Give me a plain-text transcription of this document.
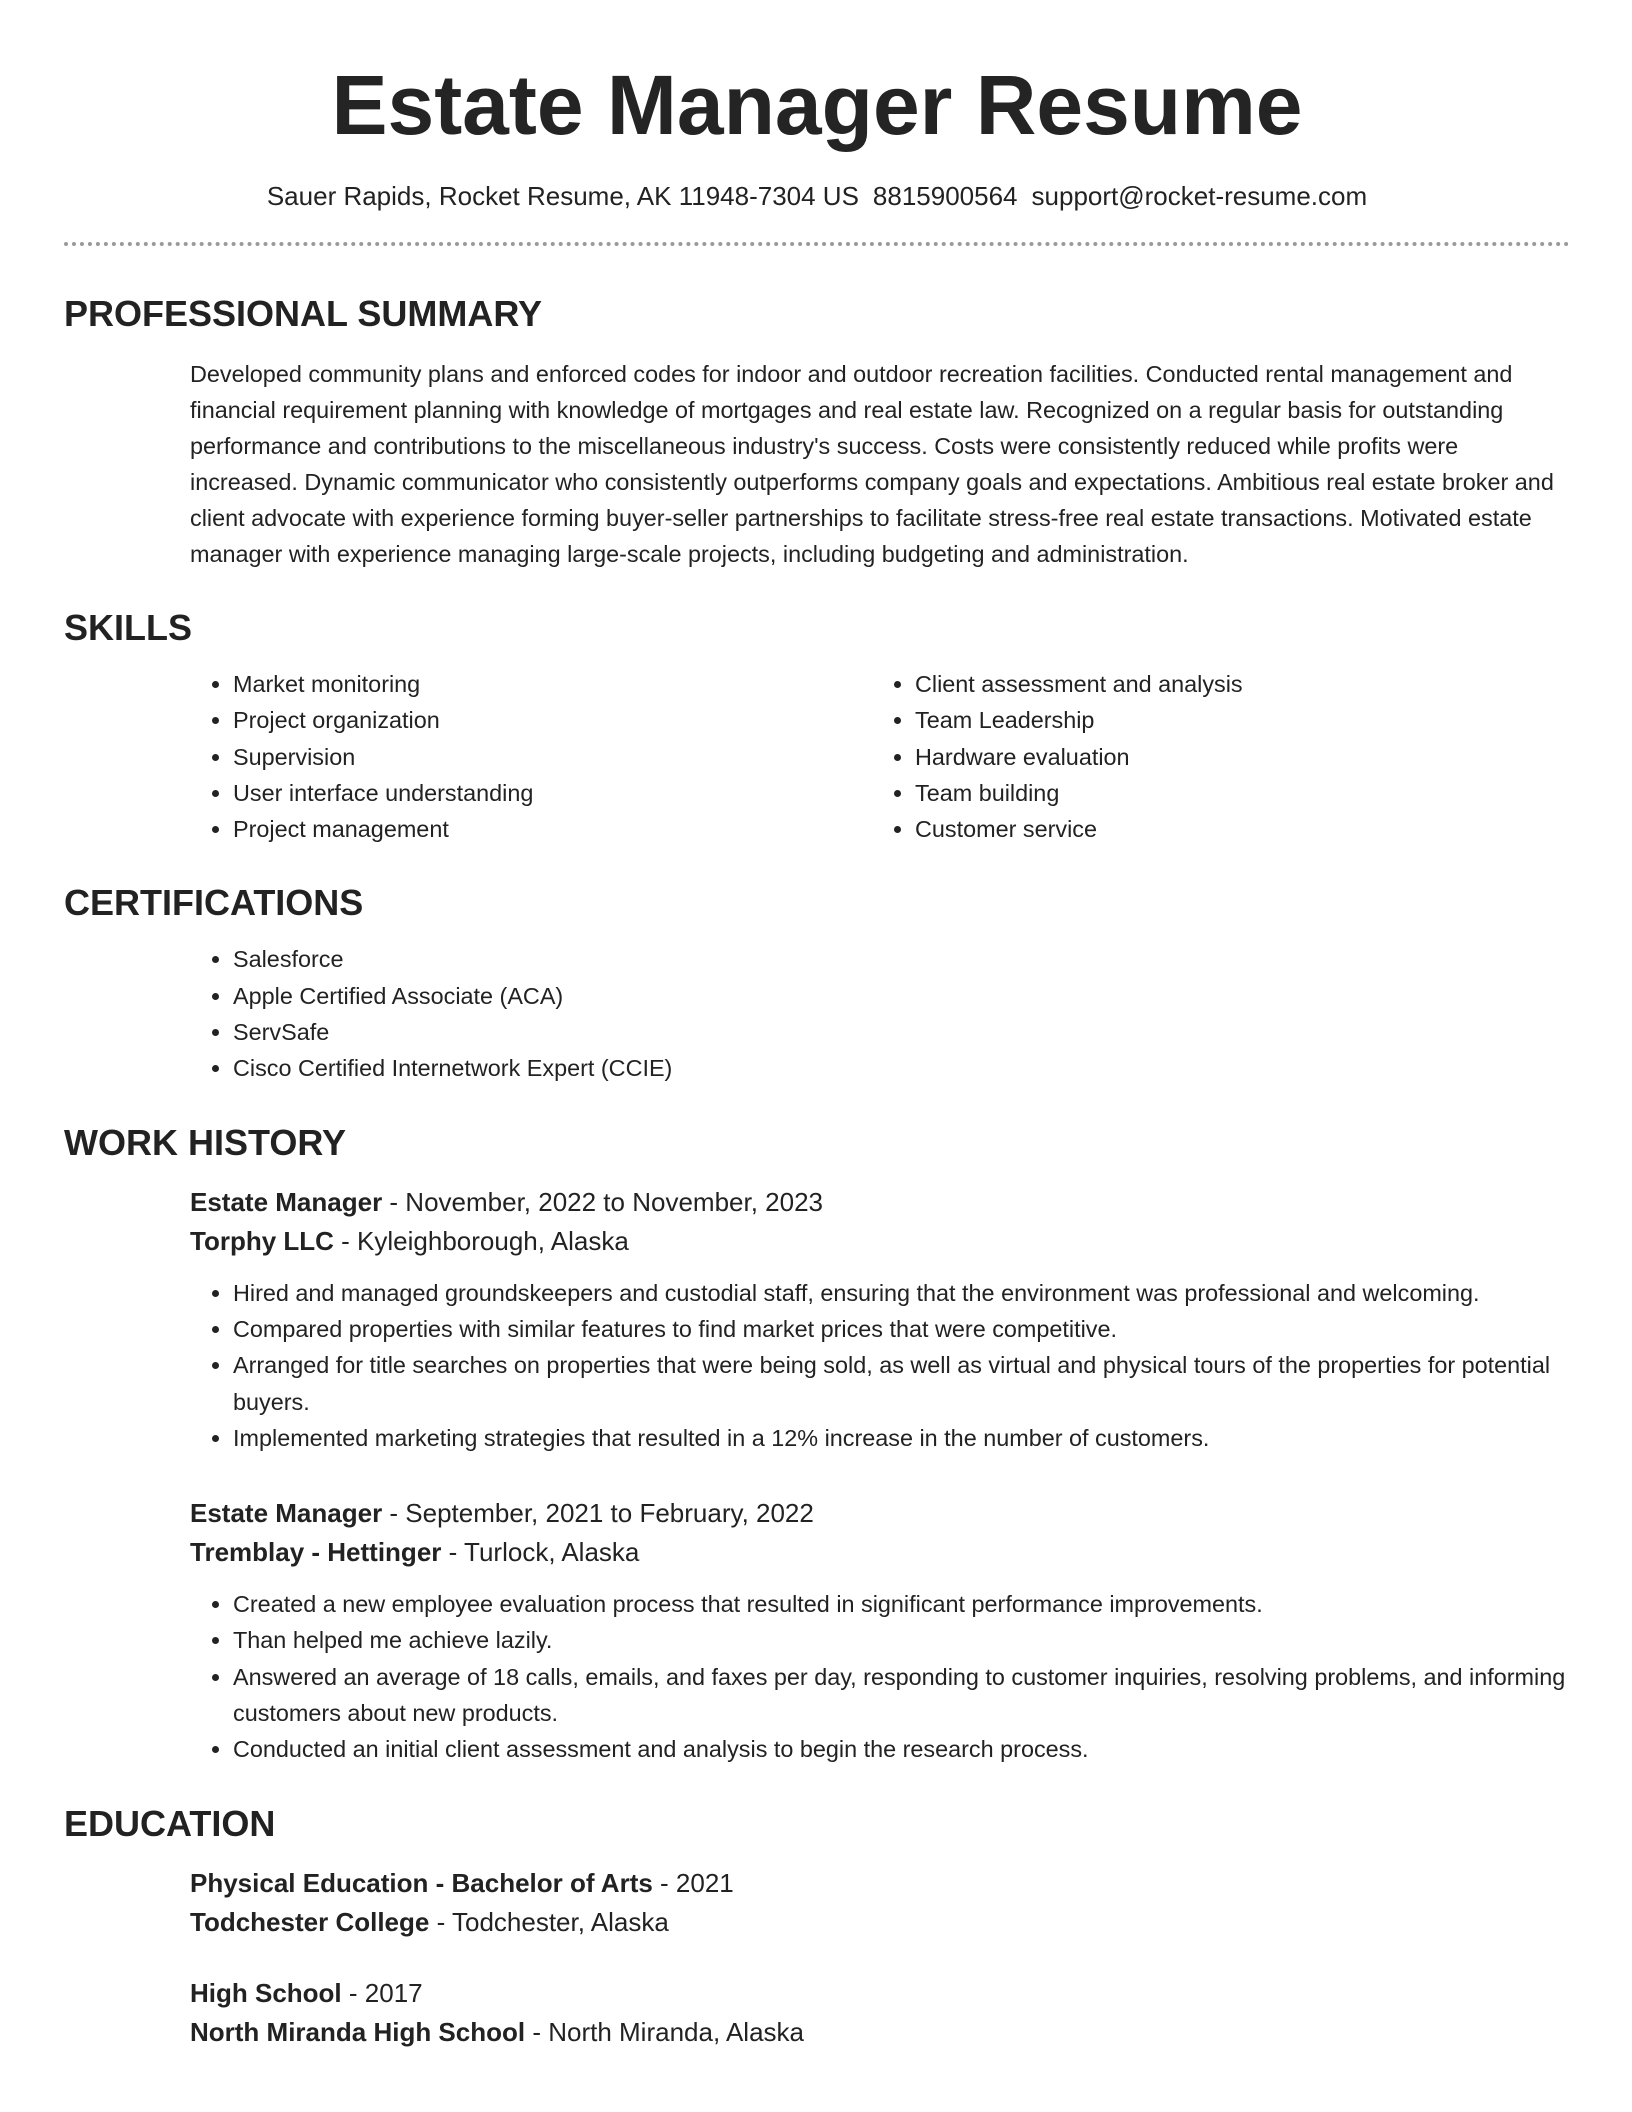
Estate Manager Resume
Sauer Rapids, Rocket Resume, AK 11948-7304 US 8815900564 support@rocket-resume.com
PROFESSIONAL SUMMARY

Developed community plans and enforced codes for indoor and outdoor recreation facilities. Conducted rental management and financial requirement planning with knowledge of mortgages and real estate law. Recognized on a regular basis for outstanding performance and contributions to the miscellaneous industry's success. Costs were consistently reduced while profits were increased. Dynamic communicator who consistently outperforms company goals and expectations. Ambitious real estate broker and client advocate with experience forming buyer-seller partnerships to facilitate stress-free real estate transactions. Motivated estate manager with experience managing large-scale projects, including budgeting and administration.

SKILLS
• Market monitoring
• Project organization
• Supervision
• User interface understanding
• Project management
• Client assessment and analysis
• Team Leadership
• Hardware evaluation
• Team building
• Customer service
CERTIFICATIONS
• Salesforce
• Apple Certified Associate (ACA)
• ServSafe
• Cisco Certified Internetwork Expert (CCIE)
WORK HISTORY
Estate Manager - November, 2022 to November, 2023
Torphy LLC - Kyleighborough, Alaska
• Hired and managed groundskeepers and custodial staff, ensuring that the environment was professional and welcoming.
• Compared properties with similar features to find market prices that were competitive.
• Arranged for title searches on properties that were being sold, as well as virtual and physical tours of the properties for potential buyers.
• Implemented marketing strategies that resulted in a 12% increase in the number of customers.
Estate Manager - September, 2021 to February, 2022
Tremblay - Hettinger - Turlock, Alaska
• Created a new employee evaluation process that resulted in significant performance improvements.
• Than helped me achieve lazily.
• Answered an average of 18 calls, emails, and faxes per day, responding to customer inquiries, resolving problems, and informing customers about new products.
• Conducted an initial client assessment and analysis to begin the research process.
EDUCATION
Physical Education - Bachelor of Arts - 2021
Todchester College - Todchester, Alaska
High School - 2017
North Miranda High School - North Miranda, Alaska
